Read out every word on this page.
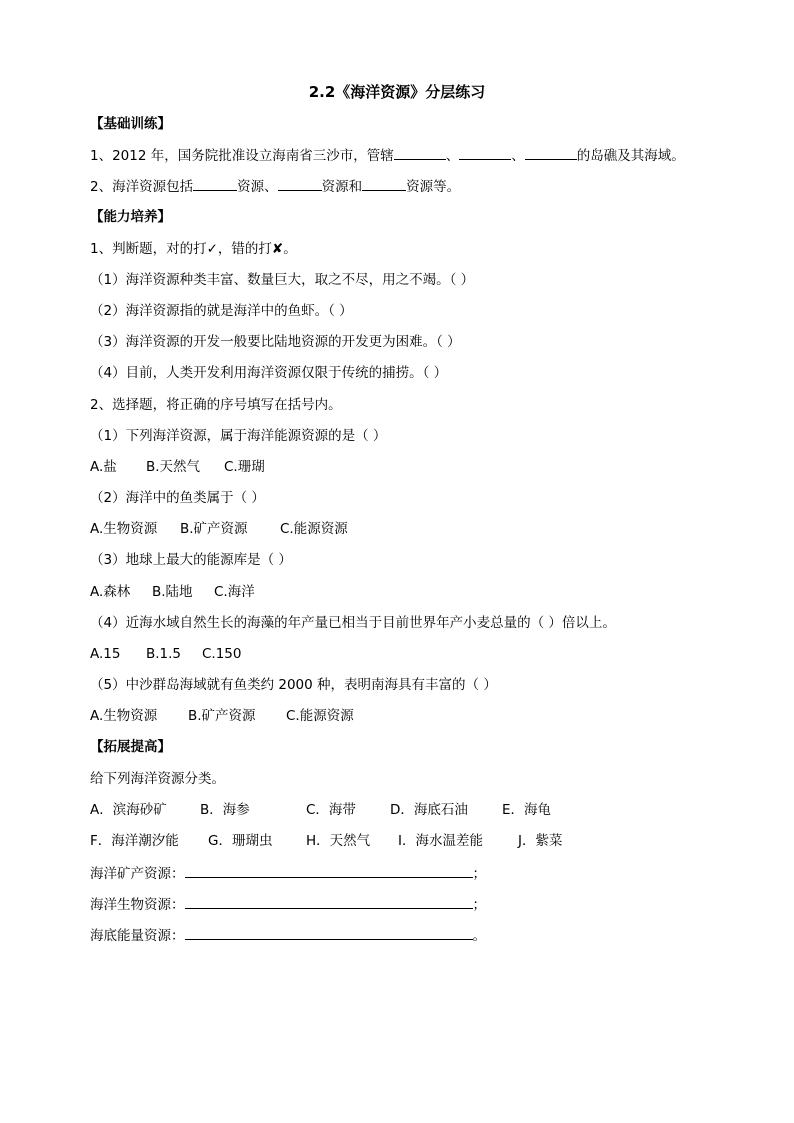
2.2《海洋资源》分层练习
【基础训练】
1、2012 年，国务院批准设立海南省三沙市，管辖	、	、	的岛礁及其海域。
2、海洋资源包括	资源、	资源和	资源等。
【能力培养】
1、判断题，对的打✓，错的打✘。
（1）海洋资源种类丰富、数量巨大，取之不尽，用之不竭。（ ）
（2）海洋资源指的就是海洋中的鱼虾。（ ）
（3）海洋资源的开发一般要比陆地资源的开发更为困难。（ ）
（4）目前，人类开发利用海洋资源仅限于传统的捕捞。（ ）
2、选择题，将正确的序号填写在括号内。
（1）下列海洋资源，属于海洋能源资源的是（ ）
A.盐 B.天然气 C.珊瑚
（2）海洋中的鱼类属于（ ）
A.生物资源 B.矿产资源 C.能源资源
（3）地球上最大的能源库是（ ）
A.森林 B.陆地 C.海洋
（4）近海水域自然生长的海藻的年产量已相当于目前世界年产小麦总量的（ ）倍以上。
A.15 B.1.5 C.150
（5）中沙群岛海域就有鱼类约 2000 种，表明南海具有丰富的（ ）
A.生物资源 B.矿产资源 C.能源资源
【拓展提高】
给下列海洋资源分类。
A．滨海砂矿 B．海参	C．海带	D．海底石油	E．海龟
F．海洋潮汐能 G．珊瑚虫 H．天然气 I．海水温差能	J．紫菜
海洋矿产资源：	；
海洋生物资源：	；
海底能量资源：	。
